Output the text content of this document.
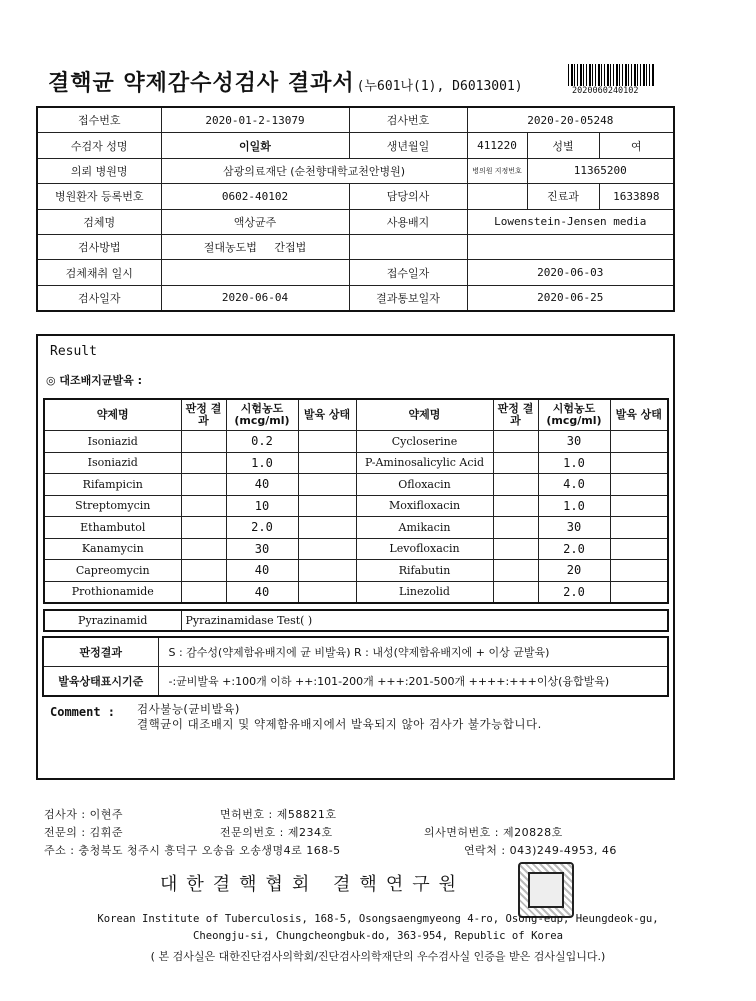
결핵균 약제감수성검사 결과서 (누601나(1), D6013001)	2020060240102
접수번호	2020-01-2-13079	검사번호	2020-20-05248		
수검자 성명	이일화	생년월일	411220	성별	여
의뢰 병원명	삼광의료재단 (순천향대학교천안병원)		병의원 지정번호	11365200	
병원환자 등록번호	0602-40102	담당의사		진료과	1633898
검체명	액상균주	사용배지	Lowenstein-Jensen media		
검사방법	절대농도법 간접법				
검체채취 일시		접수일자	2020-06-03		
검사일자	2020-06-04	결과통보일자	2020-06-25		
Result
◎ 대조배지균발육 :
약제명	판정 결과	시험농도 (mcg/ml)	발육 상태	약제명	판정 결과	시험농도 (mcg/ml)	발육 상태
Isoniazid		0.2		Cycloserine		30	
Isoniazid		1.0		P-Aminosalicylic Acid		1.0	
Rifampicin		40		Ofloxacin		4.0	
Streptomycin		10		Moxifloxacin		1.0	
Ethambutol		2.0		Amikacin		30	
Kanamycin		30		Levofloxacin		2.0	
Capreomycin		40		Rifabutin		20	
Prothionamide		40		Linezolid		2.0	
Pyrazinamid	Pyrazinamidase Test( )
판정결과	S : 감수성(약제함유배지에 균 비발육) R : 내성(약제함유배지에 + 이상 균발육)
발육상태표시기준	-:균비발육 +:100개 이하 ++:101-200개 +++:201-500개 ++++:+++이상(융합발육)
Comment : 검사불능(균비발육)
결핵균이 대조배지 및 약제함유배지에서 발육되지 않아 검사가 불가능합니다.
검사자 : 이현주	면허번호 : 제58821호
전문의 : 김휘준	전문의번호 : 제234호	의사면허번호 : 제20828호
주소 : 충청북도 청주시 흥덕구 오송읍 오송생명4로 168-5	연락처 : 043)249-4953, 46
대한결핵협회 결핵연구원
Korean Institute of Tuberculosis, 168-5, Osongsaengmyeong 4-ro, Osong-eup, Heungdeok-gu,
Cheongju-si, Chungcheongbuk-do, 363-954, Republic of Korea
( 본 검사실은 대한진단검사의학회/진단검사의학재단의 우수검사실 인증을 받은 검사실입니다.)
